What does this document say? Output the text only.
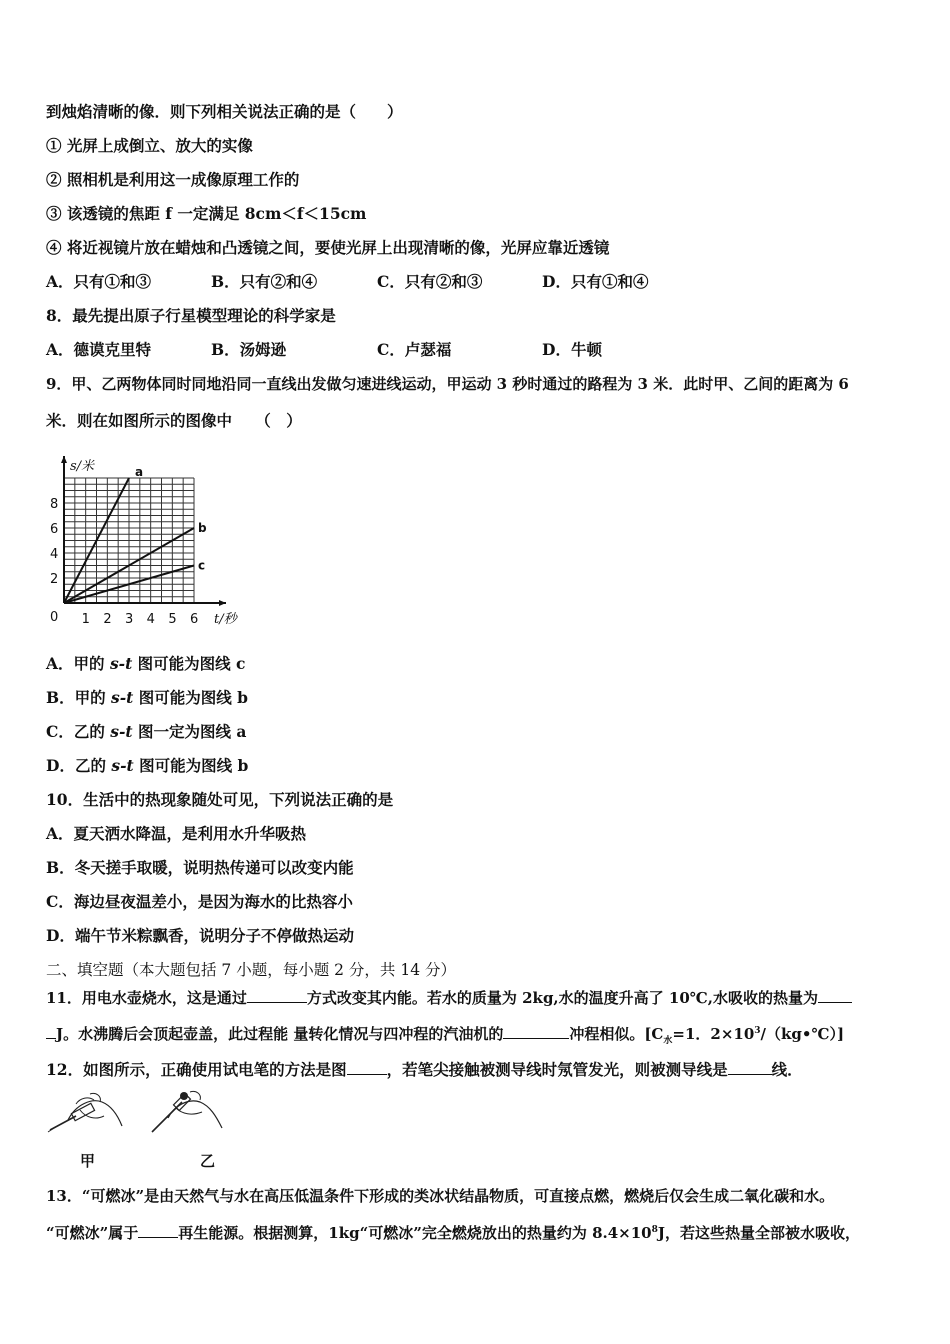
到烛焰清晰的像．则下列相关说法正确的是（　　）
① 光屏上成倒立、放大的实像
② 照相机是利用这一成像原理工作的
③ 该透镜的焦距 f 一定满足 8cm＜f＜15cm
④ 将近视镜片放在蜡烛和凸透镜之间，要使光屏上出现清晰的像，光屏应靠近透镜
A．只有①和③	B．只有②和④	C．只有②和③	D．只有①和④
8．最先提出原子行星模型理论的科学家是
A．德谟克里特	B．汤姆逊	C．卢瑟福	D．牛顿
9．甲、乙两物体同时同地沿同一直线出发做匀速进线运动，甲运动 3 秒时通过的路程为 3 米．此时甲、乙间的距离为 6
米．则在如图所示的图像中　　（　）
a
b
c
1 2 3 4 5 6
2
4
6
8
0	t/秒
s/米
A．甲的 s-t 图可能为图线 c
B．甲的 s-t 图可能为图线 b
C．乙的 s-t 图一定为图线 a
D．乙的 s-t 图可能为图线 b
10．生活中的热现象随处可见，下列说法正确的是
A．夏天洒水降温，是利用水升华吸热
B．冬天搓手取暖，说明热传递可以改变内能
C．海边昼夜温差小，是因为海水的比热容小
D．端午节米粽飘香，说明分子不停做热运动
二、填空题（本大题包括 7 小题，每小题 2 分，共 14 分）
11．用电水壶烧水，这是通过	方式改变其内能。若水的质量为 2kg,水的温度升高了 10℃,水吸收的热量为
J。水沸腾后会顶起壶盖，此过程能 量转化情况与四冲程的汽油机的	冲程相似。[$C_水=1$．$2\times 10^3/(kg•℃)$]
12．如图所示，正确使用试电笔的方法是图	，若笔尖接触被测导线时氖管发光，则被测导线是	线．
甲	乙
13．“可燃冰”是由天然气与水在高压低温条件下形成的类冰状结晶物质，可直接点燃，燃烧后仅会生成二氧化碳和水。
“可燃冰”属于	再生能源。根据测算，1kg“可燃冰”完全燃烧放出的热量约为 $8.4\times 10^8J$，若这些热量全部被水吸收，
